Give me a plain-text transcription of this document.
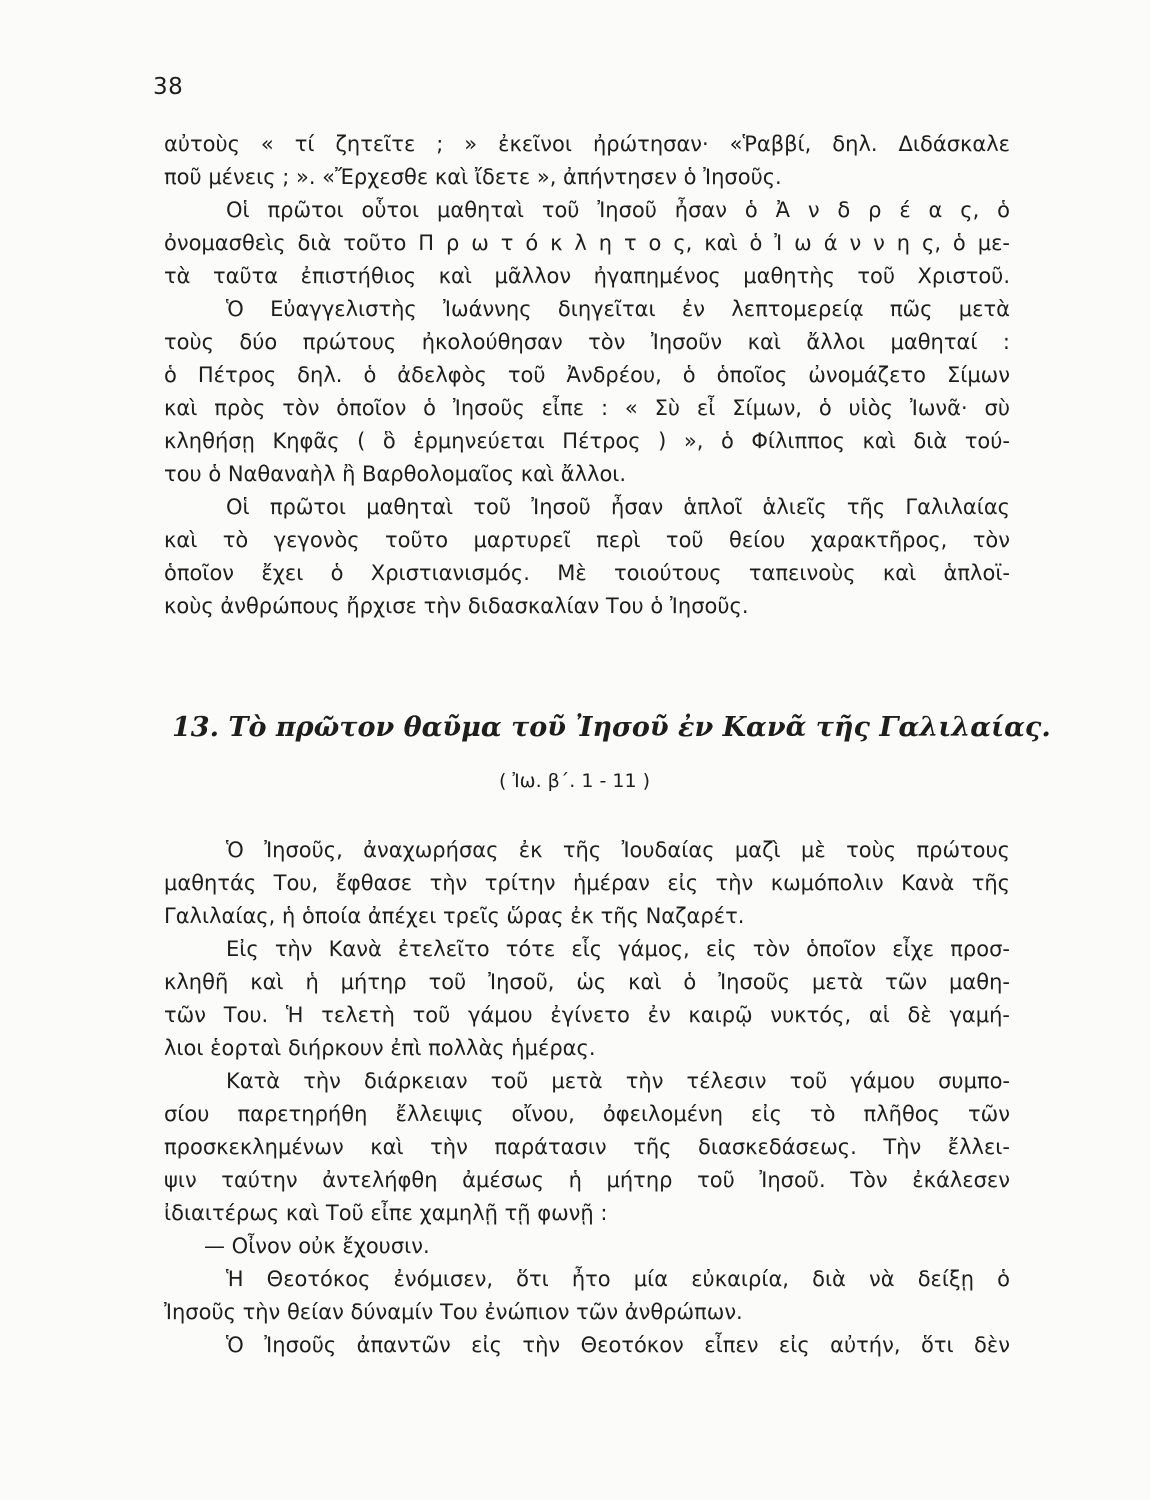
38
αὐτοὺς « τί ζητεῖτε ; » ἐκεῖνοι ἠρώτησαν· «Ῥαββί, δηλ. Διδάσκαλε
ποῦ μένεις ; ». «Ἔρχεσθε καὶ ἴδετε », ἀπήντησεν ὁ Ἰησοῦς.
Οἱ πρῶτοι οὗτοι μαθηταὶ τοῦ Ἰησοῦ ἦσαν ὁ Ἀ ν δ ρ έ α ς, ὁ
ὀνομασθεὶς διὰ τοῦτο Π ρ ω τ ό κ λ η τ ο ς, καὶ ὁ Ἰ ω ά ν ν η ς, ὁ με-
τὰ ταῦτα ἐπιστήθιος καὶ μᾶλλον ἠγαπημένος μαθητὴς τοῦ Χριστοῦ.
Ὁ Εὐαγγελιστὴς Ἰωάννης διηγεῖται ἐν λεπτομερείᾳ πῶς μετὰ
τοὺς δύο πρώτους ἠκολούθησαν τὸν Ἰησοῦν καὶ ἄλλοι μαθηταί :
ὁ Πέτρος δηλ. ὁ ἀδελφὸς τοῦ Ἀνδρέου, ὁ ὁποῖος ὠνομάζετο Σίμων
καὶ πρὸς τὸν ὁποῖον ὁ Ἰησοῦς εἶπε : « Σὺ εἶ Σίμων, ὁ υἱὸς Ἰωνᾶ· σὺ
κληθήσῃ Κηφᾶς ( ὃ ἑρμηνεύεται Πέτρος ) », ὁ Φίλιππος καὶ διὰ τού-
του ὁ Ναθαναὴλ ἢ Βαρθολομαῖος καὶ ἄλλοι.
Οἱ πρῶτοι μαθηταὶ τοῦ Ἰησοῦ ἦσαν ἁπλοῖ ἁλιεῖς τῆς Γαλιλαίας
καὶ τὸ γεγονὸς τοῦτο μαρτυρεῖ περὶ τοῦ θείου χαρακτῆρος, τὸν
ὁποῖον ἔχει ὁ Χριστιανισμός. Μὲ τοιούτους ταπεινοὺς καὶ ἁπλοϊ-
κοὺς ἀνθρώπους ἤρχισε τὴν διδασκαλίαν Του ὁ Ἰησοῦς.
13. Τὸ πρῶτον θαῦμα τοῦ Ἰησοῦ ἐν Κανᾶ τῆς Γαλιλαίας.
( Ἰω. β΄. 1 - 11 )
Ὁ Ἰησοῦς, ἀναχωρήσας ἐκ τῆς Ἰουδαίας μαζὶ μὲ τοὺς πρώτους
μαθητάς Του, ἔφθασε τὴν τρίτην ἡμέραν εἰς τὴν κωμόπολιν Κανὰ τῆς
Γαλιλαίας, ἡ ὁποία ἀπέχει τρεῖς ὥρας ἐκ τῆς Ναζαρέτ.
Εἰς τὴν Κανὰ ἐτελεῖτο τότε εἷς γάμος, εἰς τὸν ὁποῖον εἶχε προσ-
κληθῆ καὶ ἡ μήτηρ τοῦ Ἰησοῦ, ὡς καὶ ὁ Ἰησοῦς μετὰ τῶν μαθη-
τῶν Του. Ἡ τελετὴ τοῦ γάμου ἐγίνετο ἐν καιρῷ νυκτός, αἱ δὲ γαμή-
λιοι ἑορταὶ διήρκουν ἐπὶ πολλὰς ἡμέρας.
Κατὰ τὴν διάρκειαν τοῦ μετὰ τὴν τέλεσιν τοῦ γάμου συμπο-
σίου παρετηρήθη ἔλλειψις οἴνου, ὀφειλομένη εἰς τὸ πλῆθος τῶν
προσκεκλημένων καὶ τὴν παράτασιν τῆς διασκεδάσεως. Τὴν ἔλλει-
ψιν ταύτην ἀντελήφθη ἀμέσως ἡ μήτηρ τοῦ Ἰησοῦ. Τὸν ἐκάλεσεν
ἰδιαιτέρως καὶ Τοῦ εἶπε χαμηλῇ τῇ φωνῇ :
— Οἶνον οὐκ ἔχουσιν.
Ἡ Θεοτόκος ἐνόμισεν, ὅτι ἦτο μία εὐκαιρία, διὰ νὰ δείξῃ ὁ
Ἰησοῦς τὴν θείαν δύναμίν Του ἐνώπιον τῶν ἀνθρώπων.
Ὁ Ἰησοῦς ἀπαντῶν εἰς τὴν Θεοτόκον εἶπεν εἰς αὐτήν, ὅτι δὲν
